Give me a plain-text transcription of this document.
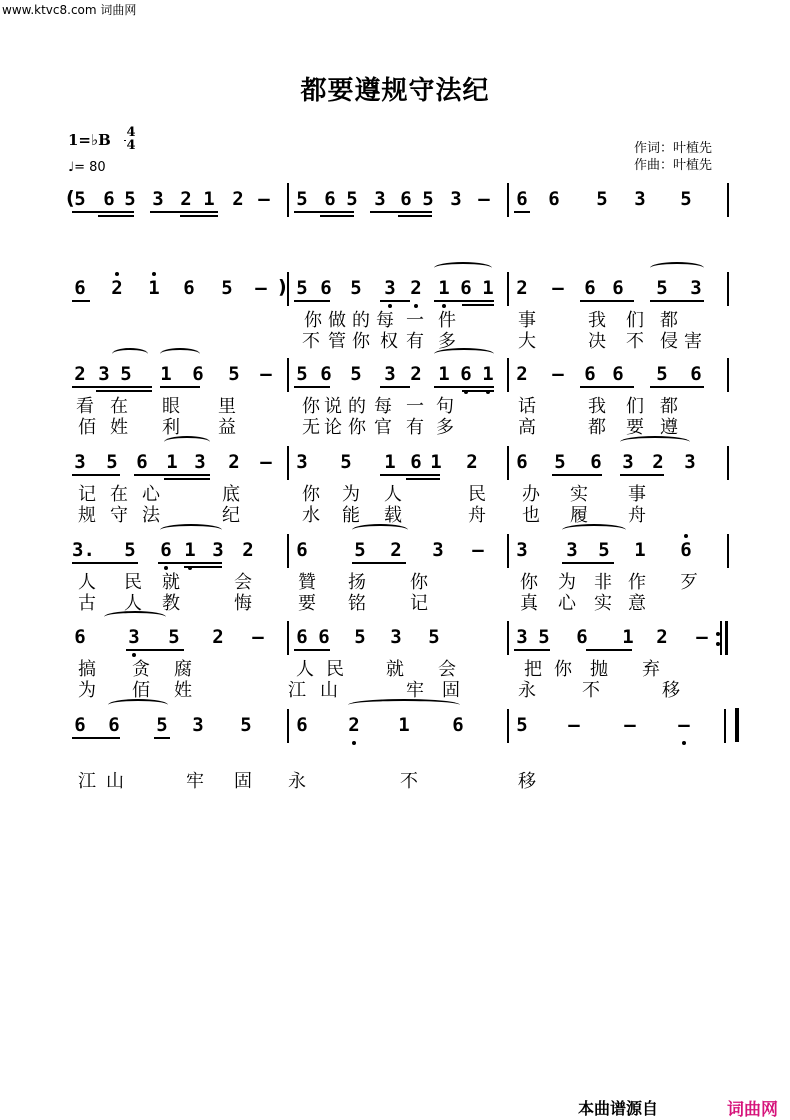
www.ktvc8.com 词曲网
都要遵规守法纪
1=♭B 4
4
♩= 80
作词：叶植先
作曲：叶植先
5 6 5 3 2 1 2 – 5 6 5 3 6 5 3 – 6 6 5 3 5
6 2 1 6 5 – 5 6 5 3 2 1 6 1 2 – 6 6 5 3
你 做 的 每 一 件	事	我 们 都
不 管 你 权 有 多	大	决 不 侵 害
2 3 5 1 6 5 – 5 6 5 3 2 1 6 1 2 – 6 6 5 6
看 在 眼 里	你 说 的 每 一 句	话	我 们 都
佰 姓 利 益	无 论 你 官 有 多	高	都 要 遵
3 5 6 1 3 2 – 3 5 1 6 1 2 6 5 6 3 2 3
记 在 心	底	你 为 人	民 办 实 事
规 守 法	纪	水 能 载	舟 也 履 舟
3. 5 6 1 3 2 6 5 2 3 – 3 3 5 1 6
人 民 就	会	贊 扬 你	你 为 非 作 歹
古 人 教	悔	要 铭 记	真 心 实 意
6 3 5 2 – 6 6 5 3 5	3 5 6 1 2 –
搞 贪 腐	人 民 就 会	把 你 抛 弃
为 佰 姓	江 山	牢 固	永	不	移
6 6 5 3 5 6 2 1 6	5 – – –
江 山	牢 固 永	不	移
(
)
本曲谱源自	词曲网
